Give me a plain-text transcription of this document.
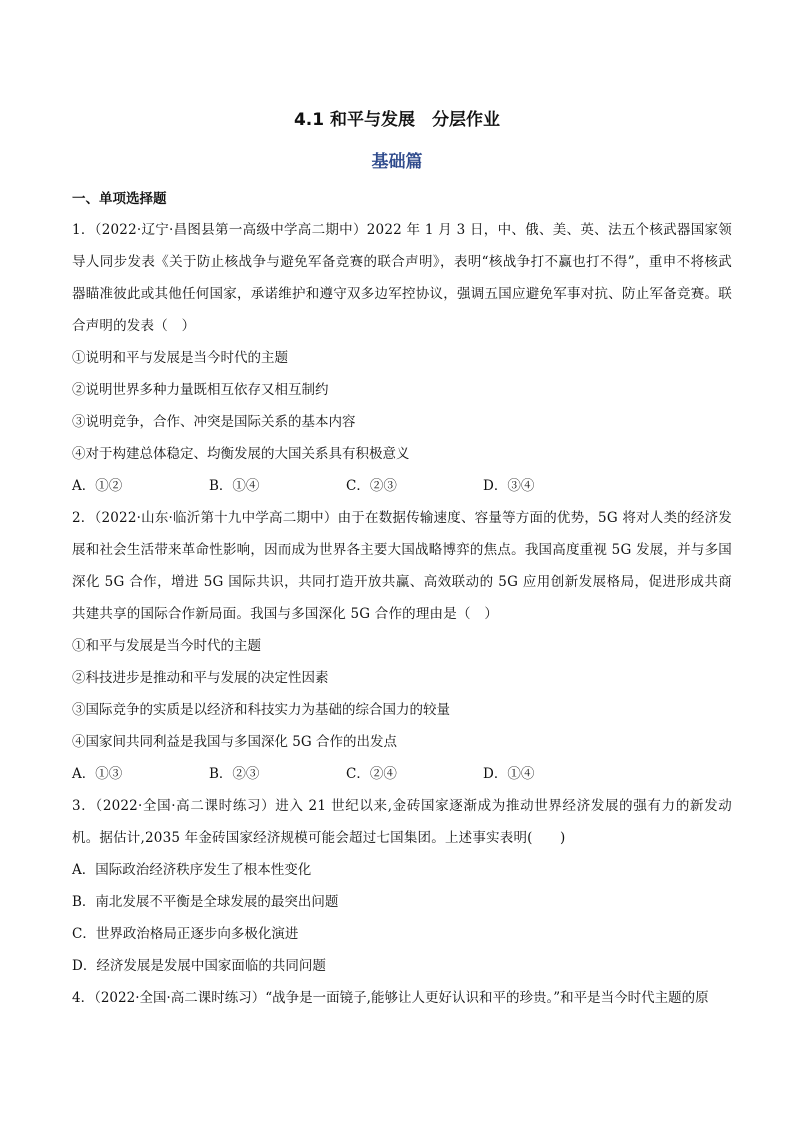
4.1 和平与发展　分层作业
基础篇
一、单项选择题
1．（2022·辽宁·昌图县第一高级中学高二期中）2022 年 1 月 3 日，中、俄、美、英、法五个核武器国家领导人同步发表《关于防止核战争与避免军备竞赛的联合声明》，表明“核战争打不赢也打不得”，重申不将核武器瞄准彼此或其他任何国家，承诺维护和遵守双多边军控协议，强调五国应避免军事对抗、防止军备竞赛。联合声明的发表（　）
①说明和平与发展是当今时代的主题
②说明世界多种力量既相互依存又相互制约
③说明竞争，合作、冲突是国际关系的基本内容
④对于构建总体稳定、均衡发展的大国关系具有积极意义
A．①②	B．①④	C．②③	D．③④
2．（2022·山东·临沂第十九中学高二期中）由于在数据传输速度、容量等方面的优势，5G 将对人类的经济发展和社会生活带来革命性影响，因而成为世界各主要大国战略博弈的焦点。我国高度重视 5G 发展，并与多国深化 5G 合作，增进 5G 国际共识，共同打造开放共赢、高效联动的 5G 应用创新发展格局，促进形成共商共建共享的国际合作新局面。我国与多国深化 5G 合作的理由是（　）
①和平与发展是当今时代的主题
②科技进步是推动和平与发展的决定性因素
③国际竞争的实质是以经济和科技实力为基础的综合国力的较量
④国家间共同利益是我国与多国深化 5G 合作的出发点
A．①③	B．②③	C．②④	D．①④
3．（2022·全国·高二课时练习）进入 21 世纪以来,金砖国家逐渐成为推动世界经济发展的强有力的新发动机。据估计,2035 年金砖国家经济规模可能会超过七国集团。上述事实表明(　　)
A．国际政治经济秩序发生了根本性变化
B．南北发展不平衡是全球发展的最突出问题
C．世界政治格局正逐步向多极化演进
D．经济发展是发展中国家面临的共同问题
4．（2022·全国·高二课时练习）“战争是一面镜子,能够让人更好认识和平的珍贵。”和平是当今时代主题的原
